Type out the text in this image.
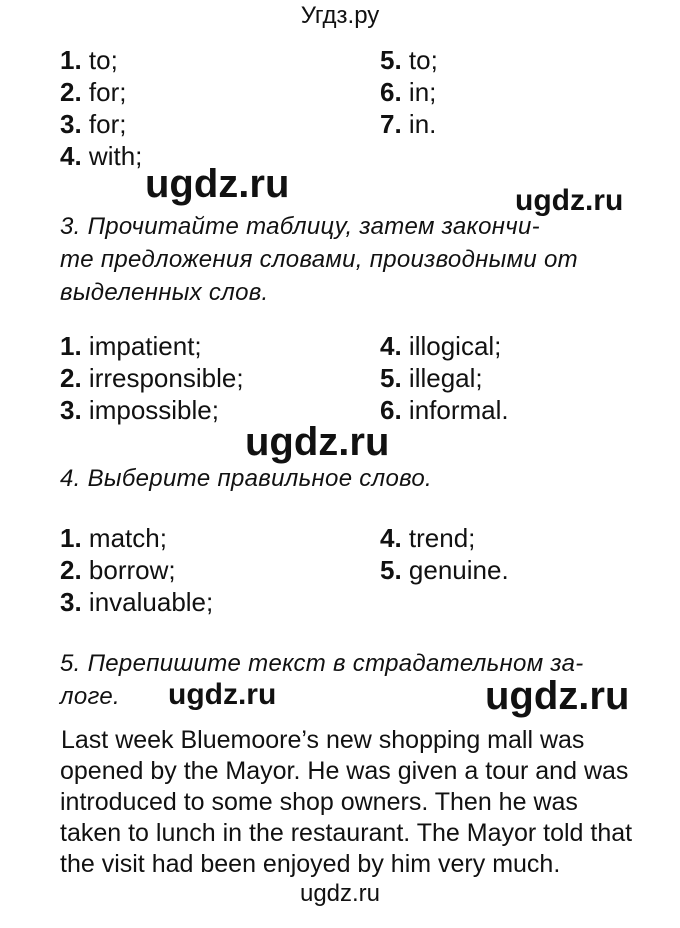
Угдз.ру
1. to;
2. for;
3. for;
4. with;
5. to;
6. in;
7. in.
ugdz.ru	ugdz.ru
3. Прочитайте таблицу, затем закончи-
те предложения словами, производными от
выделенных слов.
1. impatient;
2. irresponsible;
3. impossible;
4. illogical;
5. illegal;
6. informal.
ugdz.ru
4. Выберите правильное слово.
1. match;
2. borrow;
3. invaluable;
4. trend;
5. genuine.
5. Перепишите текст в страдательном за-
логе.	ugdz.ru	ugdz.ru
Last week Bluemoore’s new shopping mall was opened by the Mayor. He was given a tour and was introduced to some shop owners. Then he was taken to lunch in the restaurant. The Mayor told that the visit had been enjoyed by him very much.
ugdz.ru
